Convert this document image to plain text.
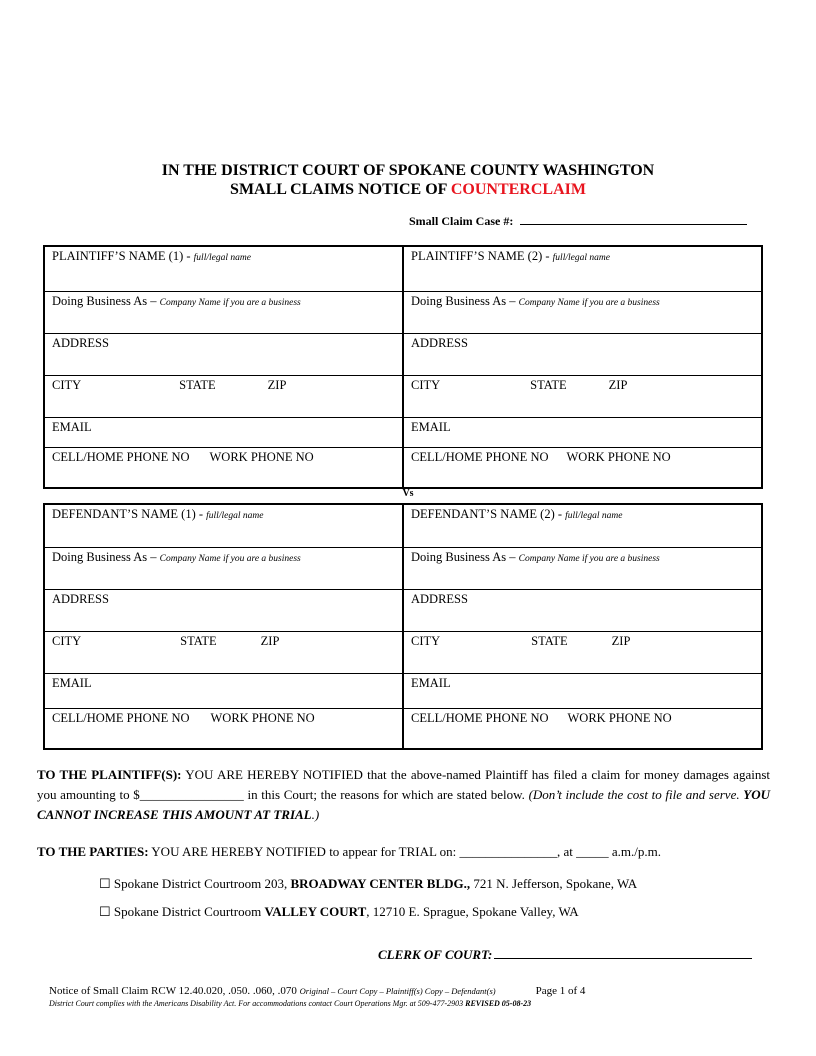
IN THE DISTRICT COURT OF SPOKANE COUNTY WASHINGTON
SMALL CLAIMS NOTICE OF COUNTERCLAIM
Small Claim Case #:
PLAINTIFF’S NAME (1) - full/legal name	PLAINTIFF’S NAME (2) - full/legal name
Doing Business As – Company Name if you are a business	Doing Business As – Company Name if you are a business
ADDRESS	ADDRESS
CITY STATE ZIP	CITY STATE ZIP
EMAIL	EMAIL
CELL/HOME PHONE NO WORK PHONE NO	CELL/HOME PHONE NO WORK PHONE NO
Vs
DEFENDANT’S NAME (1) - full/legal name	DEFENDANT’S NAME (2) - full/legal name
Doing Business As – Company Name if you are a business	Doing Business As – Company Name if you are a business
ADDRESS	ADDRESS
CITY STATE ZIP	CITY STATE ZIP
EMAIL	EMAIL
CELL/HOME PHONE NO WORK PHONE NO	CELL/HOME PHONE NO WORK PHONE NO
TO THE PLAINTIFF(S): YOU ARE HEREBY NOTIFIED that the above-named Plaintiff has filed a claim for money damages against you amounting to $________________ in this Court; the reasons for which are stated below. (Don’t include the cost to file and serve. YOU CANNOT INCREASE THIS AMOUNT AT TRIAL.)
TO THE PARTIES: YOU ARE HEREBY NOTIFIED to appear for TRIAL on: _______________, at _____ a.m./p.m.
☐ Spokane District Courtroom 203, BROADWAY CENTER BLDG., 721 N. Jefferson, Spokane, WA
☐ Spokane District Courtroom VALLEY COURT, 12710 E. Sprague, Spokane Valley, WA
CLERK OF COURT:
Notice of Small Claim RCW 12.40.020, .050. .060, .070 Original – Court Copy – Plaintiff(s) Copy – Defendant(s)	Page 1 of 4
District Court complies with the Americans Disability Act. For accommodations contact Court Operations Mgr. at 509-477-2903 REVISED 05-08-23
